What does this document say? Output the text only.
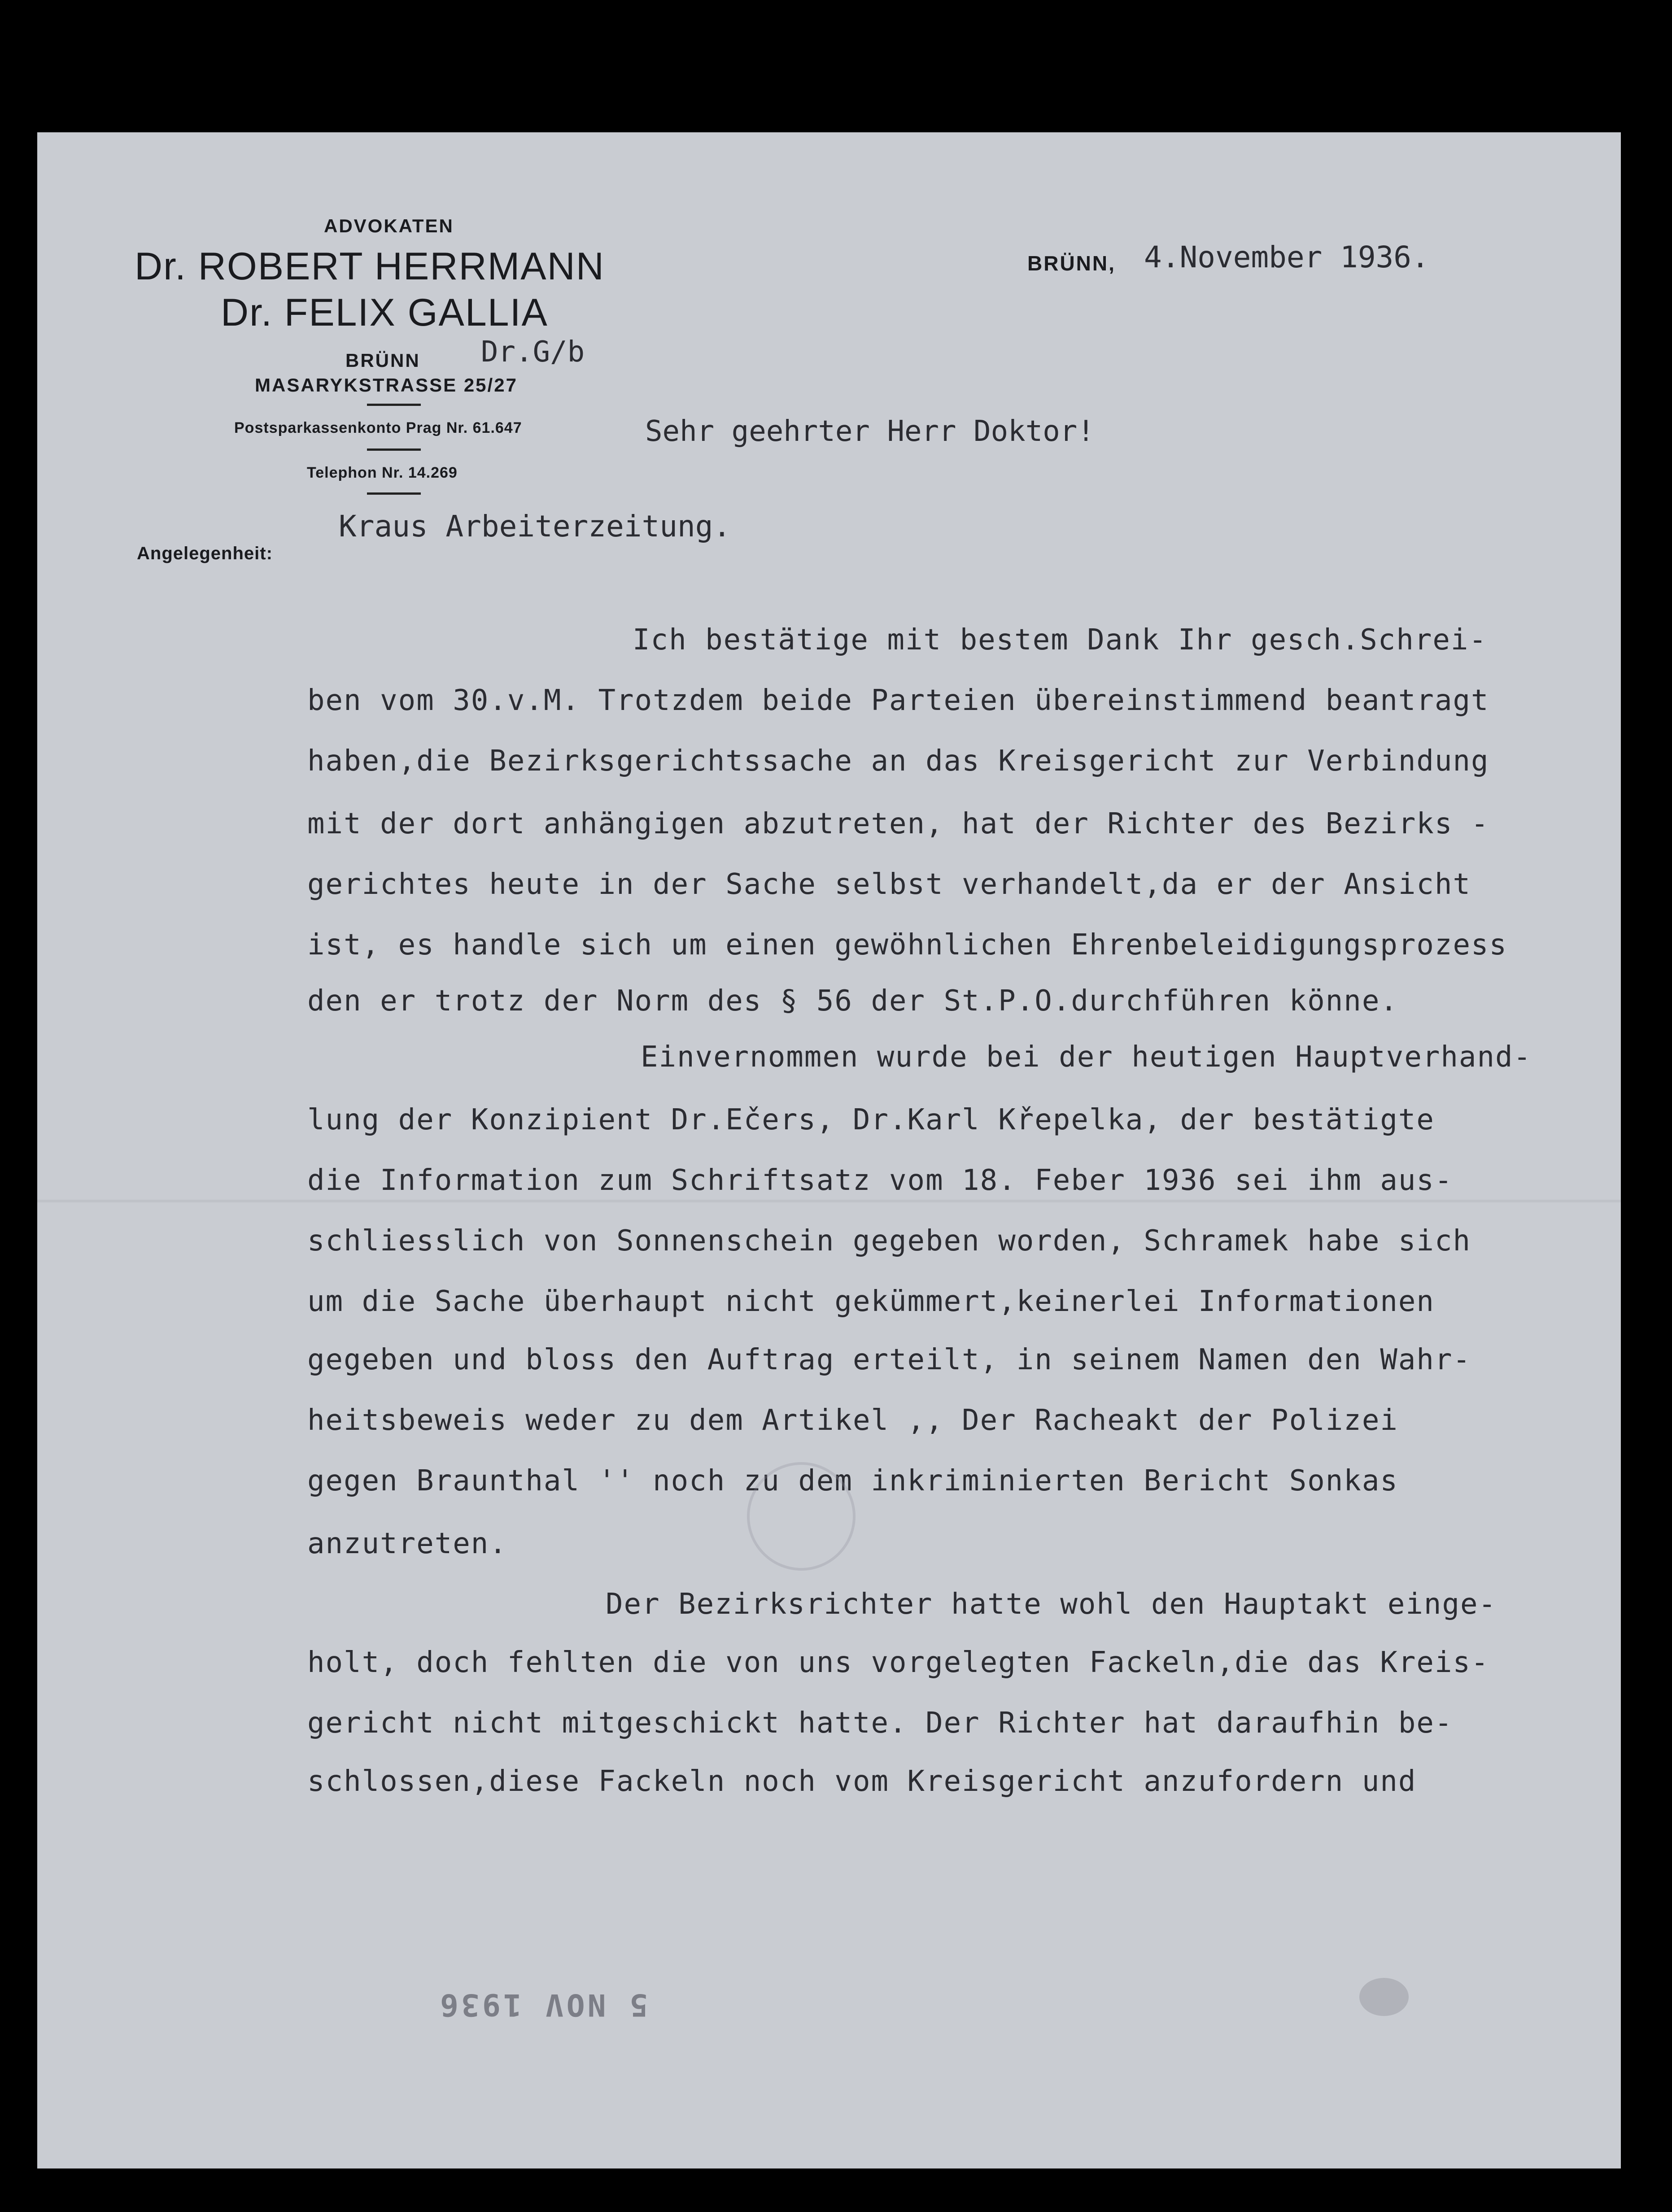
ADVOKATEN
Dr. ROBERT HERRMANN
Dr. FELIX GALLIA
BRÜNN
MASARYKSTRASSE 25/27
Postsparkassenkonto Prag Nr. 61.647
Telephon Nr. 14.269
Angelegenheit:
Dr.G/b
BRÜNN, 4.November 1936.
Sehr geehrter Herr Doktor!
Kraus Arbeiterzeitung.
Ich bestätige mit bestem Dank Ihr gesch.Schrei-
ben vom 30.v.M. Trotzdem beide Parteien übereinstimmend beantragt
haben,die Bezirksgerichtssache an das Kreisgericht zur Verbindung
mit der dort anhängigen abzutreten, hat der Richter des Bezirks -
gerichtes heute in der Sache selbst verhandelt,da er der Ansicht
ist, es handle sich um einen gewöhnlichen Ehrenbeleidigungsprozess
den er trotz der Norm des § 56 der St.P.O.durchführen könne.
Einvernommen wurde bei der heutigen Hauptverhand-
lung der Konzipient Dr.Ečers, Dr.Karl Křepelka, der bestätigte
die Information zum Schriftsatz vom 18. Feber 1936 sei ihm aus-
schliesslich von Sonnenschein gegeben worden, Schramek habe sich
um die Sache überhaupt nicht gekümmert,keinerlei Informationen
gegeben und bloss den Auftrag erteilt, in seinem Namen den Wahr-
heitsbeweis weder zu dem Artikel ,, Der Racheakt der Polizei
gegen Braunthal '' noch zu dem inkriminierten Bericht Sonkas
anzutreten.
Der Bezirksrichter hatte wohl den Hauptakt einge-
holt, doch fehlten die von uns vorgelegten Fackeln,die das Kreis-
gericht nicht mitgeschickt hatte. Der Richter hat daraufhin be-
schlossen,diese Fackeln noch vom Kreisgericht anzufordern und
5 NOV 1936
